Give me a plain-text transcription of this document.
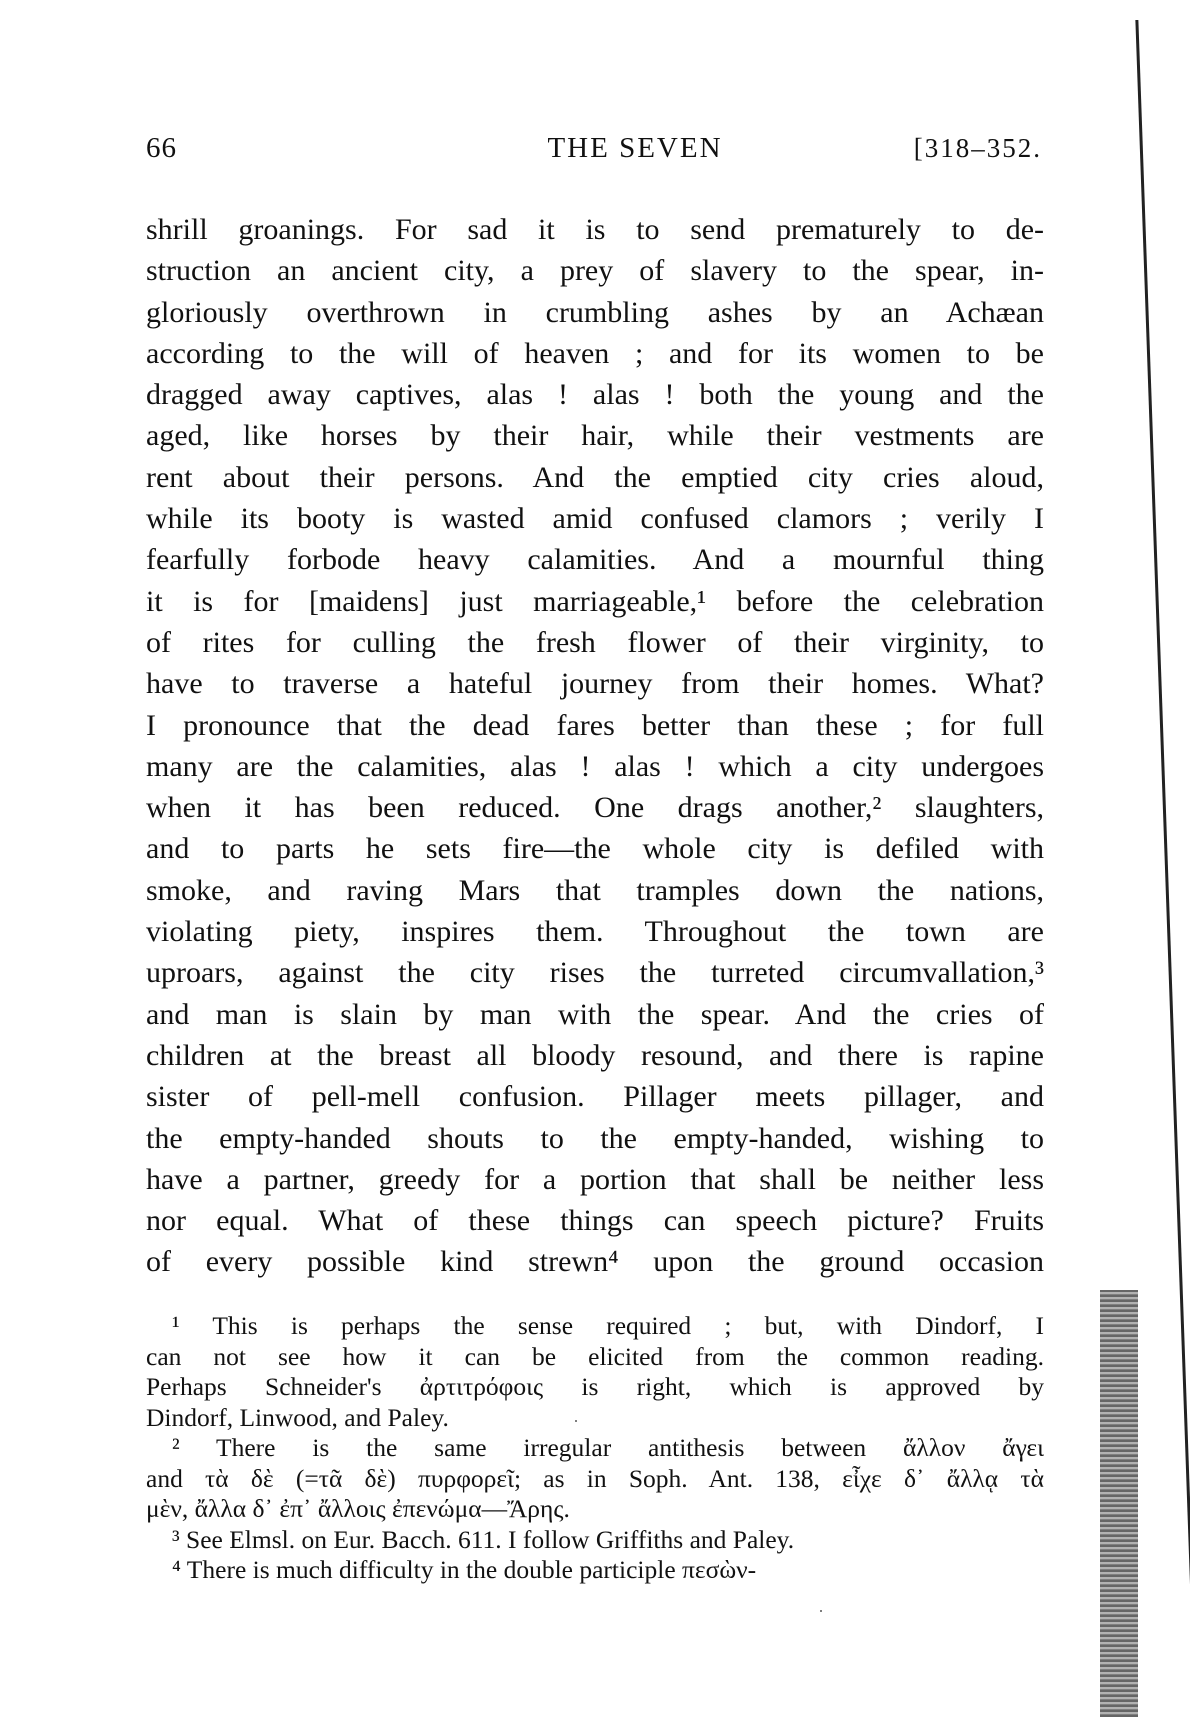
66	THE SEVEN	[318–352.
shrill groanings. For sad it is to send prematurely to de-
struction an ancient city, a prey of slavery to the spear, in-
gloriously overthrown in crumbling ashes by an Achæan
according to the will of heaven ; and for its women to be
dragged away captives, alas ! alas ! both the young and the
aged, like horses by their hair, while their vestments are
rent about their persons. And the emptied city cries aloud,
while its booty is wasted amid confused clamors ; verily I
fearfully forbode heavy calamities. And a mournful thing
it is for [maidens] just marriageable,¹ before the celebration
of rites for culling the fresh flower of their virginity, to
have to traverse a hateful journey from their homes. What?
I pronounce that the dead fares better than these ; for full
many are the calamities, alas ! alas ! which a city undergoes
when it has been reduced. One drags another,² slaughters,
and to parts he sets fire—the whole city is defiled with
smoke, and raving Mars that tramples down the nations,
violating piety, inspires them. Throughout the town are
uproars, against the city rises the turreted circumvallation,³
and man is slain by man with the spear. And the cries of
children at the breast all bloody resound, and there is rapine
sister of pell-mell confusion. Pillager meets pillager, and
the empty-handed shouts to the empty-handed, wishing to
have a partner, greedy for a portion that shall be neither less
nor equal. What of these things can speech picture? Fruits
of every possible kind strewn⁴ upon the ground occasion
¹ This is perhaps the sense required ; but, with Dindorf, I
can not see how it can be elicited from the common reading.
Perhaps Schneider's ἀρτιτρόφοις is right, which is approved by
Dindorf, Linwood, and Paley.
² There is the same irregular antithesis between ἄλλον ἄγει
and τὰ δὲ (=τᾶ δὲ) πυρφορεῖ; as in Soph. Ant. 138, εἶχε δ᾽ ἄλλᾳ τὰ
μὲν, ἄλλα δ᾽ ἐπ᾽ ἄλλοις ἐπενώμα—Ἄρης.
³ See Elmsl. on Eur. Bacch. 611. I follow Griffiths and Paley.
⁴ There is much difficulty in the double participle πεσὼν-
